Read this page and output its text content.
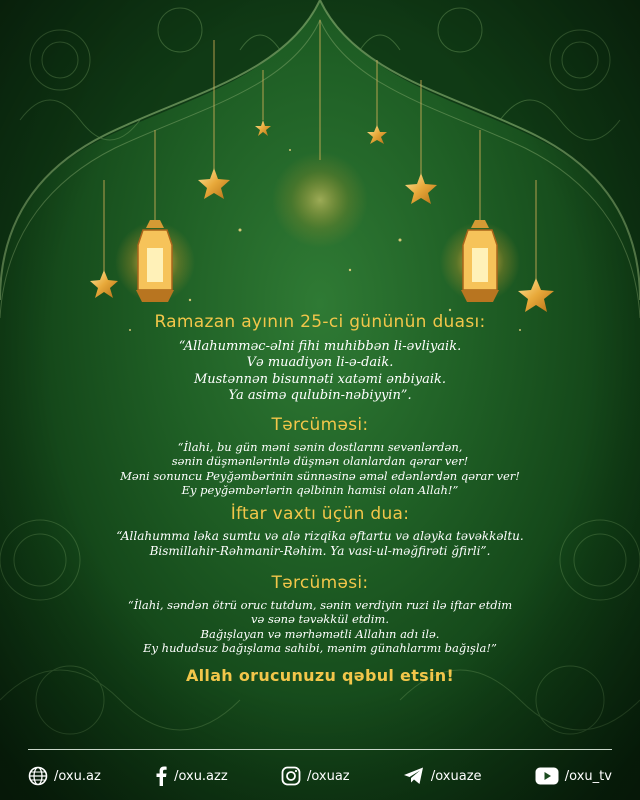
Ramazan ayının 25-ci gününün duası:

“Allahumməc-əlni fihi muhibbən li-əvliyaik.
Və muadiyən li-ə-daik.
Mustənnən bisunnəti xatəmi ənbiyaik.
Ya asimə qulubin-nəbiyyin”.

Tərcüməsi:

“İlahi, bu gün məni sənin dostlarını sevənlərdən,
sənin düşmənlərinlə düşmən olanlardan qərar ver!
Məni sonuncu Peyğəmbərinin sünnəsinə əməl edənlərdən qərar ver!
Ey peyğəmbərlərin qəlbinin hamisi olan Allah!”

İftar vaxtı üçün dua:

“Allahumma ləka sumtu və alə rizqika əftartu və aləyka təvəkkəltu.
Bismillahir-Rəhmanir-Rəhim. Ya vasi-ul-məğfirəti ğfirli”.

Tərcüməsi:

“İlahi, səndən ötrü oruc tutdum, sənin verdiyin ruzi ilə iftar etdim
və sənə təvəkkül etdim.
Bağışlayan və mərhəmətli Allahın adı ilə.
Ey hududsuz bağışlama sahibi, mənim günahlarımı bağışla!”

Allah orucunuzu qəbul etsin!

/oxu.az	/oxu.azz	/oxuaz	/oxuaze	/oxu_tv
